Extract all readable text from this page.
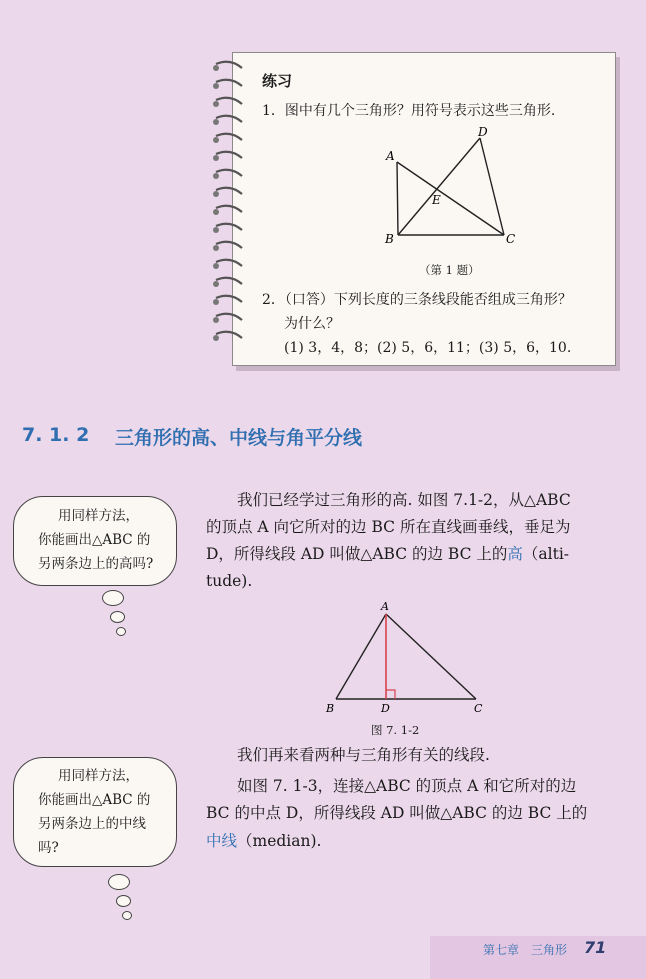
练习
1．图中有几个三角形？用符号表示这些三角形.
A
D
E
B	C
（第 1 题）
2．（口答）下列长度的三条线段能否组成三角形？
为什么？
(1) 3，4，8；(2) 5，6，11；(3) 5，6，10.
7. 1. 2 三角形的高、中线与角平分线
用同样方法，
你能画出△ABC 的
另两条边上的高吗?
我们已经学过三角形的高. 如图 7.1-2，从△ABC
的顶点 A 向它所对的边 BC 所在直线画垂线，垂足为
D，所得线段 AD 叫做△ABC 的边 BC 上的高（alti-
tude).
A
B	D	C
图 7. 1-2
我们再来看两种与三角形有关的线段.
如图 7. 1-3，连接△ABC 的顶点 A 和它所对的边
BC 的中点 D，所得线段 AD 叫做△ABC 的边 BC 上的
中线（median).
用同样方法，
你能画出△ABC 的
另两条边上的中线
吗?
第七章　三角形 71
